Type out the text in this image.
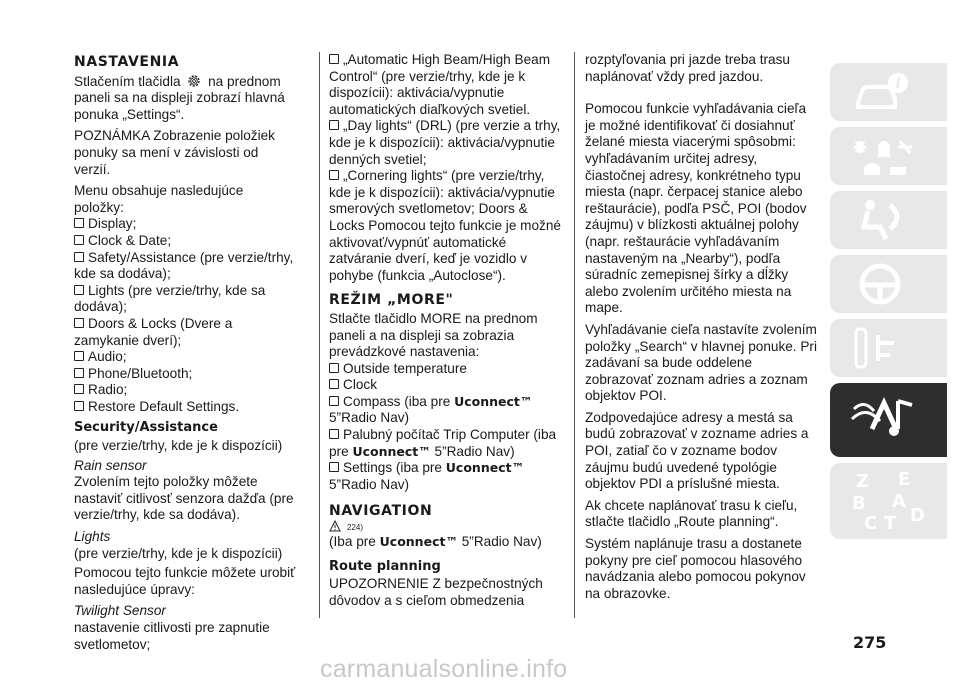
NASTAVENIA

Stlačením tlačidla na prednom paneli sa na displeji zobrazí hlavná ponuka „Settings“.

POZNÁMKA Zobrazenie položiek ponuky sa mení v závislosti od verzií.

Menu obsahuje nasledujúce položky:

Display;

Clock & Date;

Safety/Assistance (pre verzie/trhy, kde sa dodáva);

Lights (pre verzie/trhy, kde sa dodáva);

Doors & Locks (Dvere a zamykanie dverí);

Audio;

Phone/Bluetooth;

Radio;

Restore Default Settings.

Security/Assistance

(pre verzie/trhy, kde je k dispozícii)

Rain sensor

Zvolením tejto položky môžete nastaviť citlivosť senzora dažďa (pre verzie/trhy, kde sa dodáva).

Lights

(pre verzie/trhy, kde je k dispozícii)

Pomocou tejto funkcie môžete urobiť nasledujúce úpravy:

Twilight Sensor

nastavenie citlivosti pre zapnutie svetlometov;

„Automatic High Beam/High Beam Control“ (pre verzie/trhy, kde je k dispozícii): aktivácia/vypnutie automatických diaľkových svetiel.

„Day lights“ (DRL) (pre verzie a trhy, kde je k dispozícii): aktivácia/vypnutie denných svetiel;

„Cornering lights“ (pre verzie/trhy, kde je k dispozícii): aktivácia/vypnutie smerových svetlometov; Doors & Locks Pomocou tejto funkcie je možné aktivovať/vypnúť automatické zatváranie dverí, keď je vozidlo v pohybe (funkcia „Autoclose“).

REŽIM „MORE"

Stlačte tlačidlo MORE na prednom paneli a na displeji sa zobrazia prevádzkové nastavenia:

Outside temperature

Clock

Compass (iba pre Uconnect™ 5”Radio Nav)

Palubný počítač Trip Computer (iba pre Uconnect™ 5”Radio Nav)

Settings (iba pre Uconnect™ 5”Radio Nav)

NAVIGATION
$^{224)}$

(Iba pre Uconnect™ 5”Radio Nav)

Route planning

UPOZORNENIE Z bezpečnostných dôvodov a s cieľom obmedzenia

rozptyľovania pri jazde treba trasu naplánovať vždy pred jazdou.

Pomocou funkcie vyhľadávania cieľa je možné identifikovať či dosiahnuť želané miesta viacerými spôsobmi: vyhľadávaním určitej adresy, čiastočnej adresy, konkrétneho typu miesta (napr. čerpacej stanice alebo reštaurácie), podľa PSČ, POI (bodov záujmu) v blízkosti aktuálnej polohy (napr. reštaurácie vyhľadávaním nastaveným na „Nearby“), podľa súradníc zemepisnej šírky a dĺžky alebo zvolením určitého miesta na mape.

Vyhľadávanie cieľa nastavíte zvolením položky „Search“ v hlavnej ponuke. Pri zadávaní sa bude oddelene zobrazovať zoznam adries a zoznam objektov POI.

Zodpovedajúce adresy a mestá sa budú zobrazovať v zozname adries a POI, zatiaľ čo v zozname bodov záujmu budú uvedené typológie objektov PDI a príslušné miesta.

Ak chcete naplánovať trasu k cieľu, stlačte tlačidlo „Route planning“.

Systém naplánuje trasu a dostanete pokyny pre cieľ pomocou hlasového navádzania alebo pomocou pokynov na obrazovke.

i
Z E
B A
C T D
275
carmanualsonline.info
